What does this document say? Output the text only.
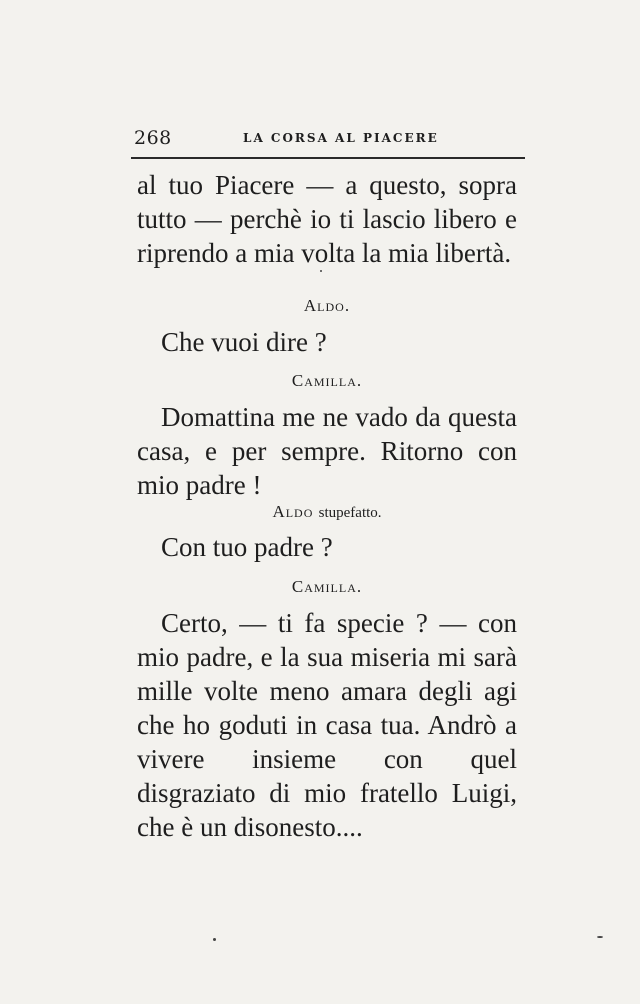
268	LA CORSA AL PIACERE

al tuo Piacere — a questo, sopra tutto — perchè io ti lascio libero e riprendo a mia volta la mia libertà.

Aldo.

Che vuoi dire ?

Camilla.

Domattina me ne vado da questa casa, e per sempre. Ritorno con mio padre !

Aldo stupefatto.

Con tuo padre ?

Camilla.

Certo, — ti fa specie ? — con mio padre, e la sua miseria mi sarà mille volte meno amara degli agi che ho goduti in casa tua. Andrò a vivere insieme con quel disgraziato di mio fratello Luigi, che è un disonesto....
